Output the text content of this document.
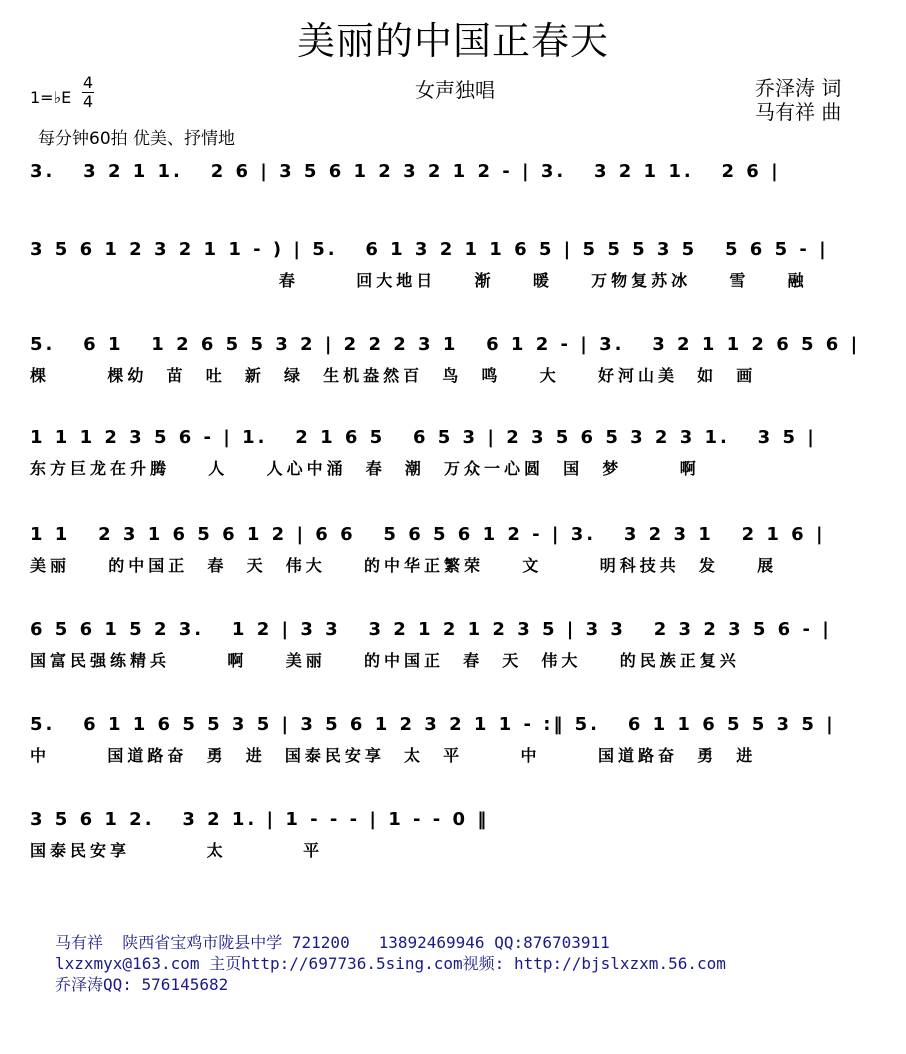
美丽的中国正春天
1=♭E
4
4	女声独唱	乔泽涛 词
马有祥 曲
每分钟60拍 优美、抒情地
3.   3 2 1 1.   2 6 | 3 5 6 1 2 3 2 1 2 - | 3.   3 2 1 1.   2 6 |
3 5 6 1 2 3 2 1 1 - ) | 5.   6 1 3 2 1 1 6 5 | 5 5 5 3 5   5 6 5 - |
春      回大地日    渐    暖    万物复苏冰    雪    融
5.   6 1   1 2 6 5 5 3 2 | 2 2 2 3 1   6 1 2 - | 3.   3 2 1 1 2 6 5 6 |
棵      棵幼  苗  吐  新  绿  生机盎然百  鸟  鸣    大    好河山美  如  画
1 1 1 2 3 5 6 - | 1.   2 1 6 5   6 5 3 | 2 3 5 6 5 3 2 3 1.   3 5 |
东方巨龙在升腾    人    人心中涌  春  潮  万众一心圆  国  梦      啊
1 1   2 3 1 6 5 6 1 2 | 6 6   5 6 5 6 1 2 - | 3.   3 2 3 1   2 1 6 |
美丽    的中国正  春  天  伟大    的中华正繁荣    文      明科技共  发    展
6 5 6 1 5 2 3.   1 2 | 3 3   3 2 1 2 1 2 3 5 | 3 3   2 3 2 3 5 6 - |
国富民强练精兵      啊    美丽    的中国正  春  天  伟大    的民族正复兴
5.   6 1 1 6 5 5 3 5 | 3 5 6 1 2 3 2 1 1 - :‖ 5.   6 1 1 6 5 5 3 5 |
中      国道路奋  勇  进  国泰民安享  太  平      中      国道路奋  勇  进
3 5 6 1 2.   3 2 1. | 1 - - - | 1 - - 0 ‖
国泰民安享        太        平
马有祥  陕西省宝鸡市陇县中学 721200   13892469946 QQ:876703911
lxzxmyx@163.com 主页http://697736.5sing.com视频: http://bjslxzxm.56.com
乔泽涛QQ: 576145682
